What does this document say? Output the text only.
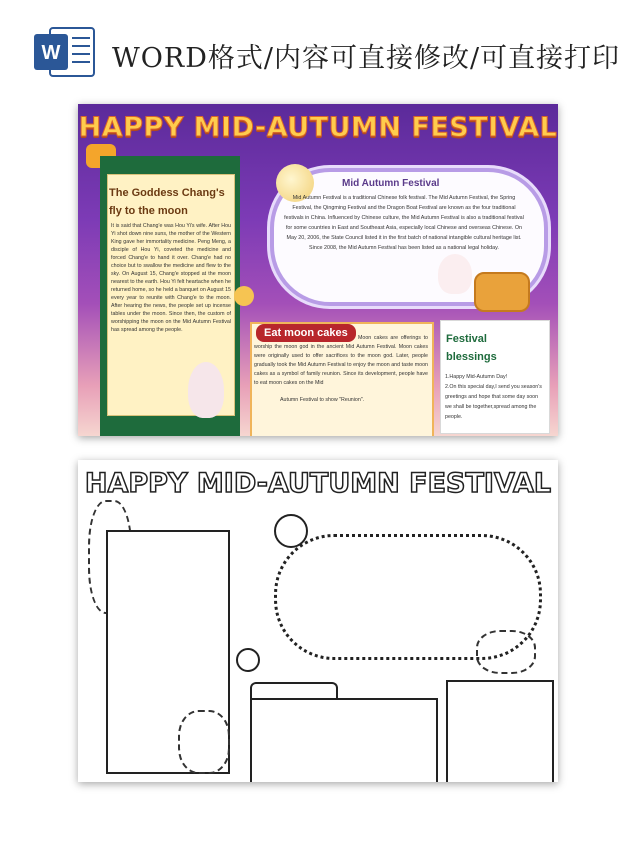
W WORD格式/内容可直接修改/可直接打印
HAPPY MID-AUTUMN FESTIVAL
The Goddess Chang's fly to the moon
It is said that Chang'e was Hou Yi's wife. After Hou Yi shot down nine suns, the mother of the Western King gave her immortality medicine. Peng Meng, a disciple of Hou Yi, coveted the medicine and forced Chang'e to hand it over. Chang'e had no choice but to swallow the medicine and flew to the sky. On August 15, Chang'e stopped at the moon nearest to the earth. Hou Yi felt heartache when he returned home, so he held a banquet on August 15 every year to reunite with Chang'e to the moon. After hearing the news, the people set up incense tables under the moon. Since then, the custom of worshipping the moon on the Mid Autumn Festival has spread among the people.
Mid Autumn Festival
Mid Autumn Festival is a traditional Chinese folk festival. The Mid Autumn Festival, the Spring Festival, the Qingming Festival and the Dragon Boat Festival are known as the four traditional festivals in China. Influenced by Chinese culture, the Mid Autumn Festival is also a traditional festival for some countries in East and Southeast Asia, especially local Chinese and overseas Chinese. On May 20, 2006, the State Council listed it in the first batch of national intangible cultural heritage list. Since 2008, the Mid Autumn Festival has been listed as a national legal holiday.
Moon cakes are offerings to worship the moon god in the ancient Mid Autumn Festival. Moon cakes were originally used to offer sacrifices to the moon god. Later, people gradually took the Mid Autumn Festival to enjoy the moon and taste moon cakes as a symbol of family reunion. Since its development, people have to eat moon cakes on the Mid
Eat moon cakes
Autumn Festival to show "Reunion".
Festival blessings
1.Happy Mid-Autumn Day!
2.On this special day,I send you season's greetings and hope that some day soon we shall be together,spread among the people.
HAPPY MID-AUTUMN FESTIVAL
